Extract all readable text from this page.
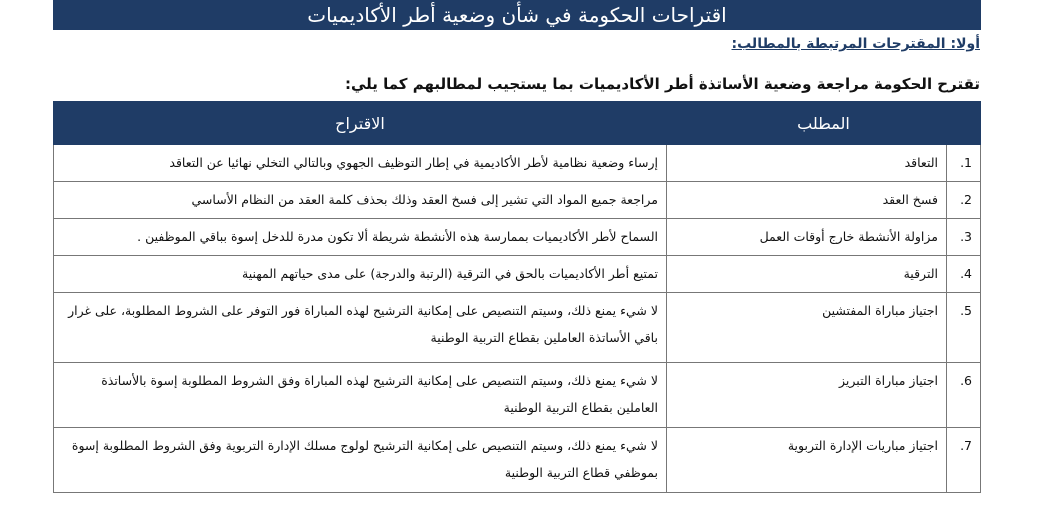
اقتراحات الحكومة في شأن وضعية أطر الأكاديميات
أولا: المقترحات المرتبطة بالمطالب:
تقترح الحكومة مراجعة وضعية الأساتذة أطر الأكاديميات بما يستجيب لمطالبهم كما يلي:
المطلب		الاقتراح
1.	التعاقد	إرساء وضعية نظامية لأطر الأكاديمية في إطار التوظيف الجهوي وبالتالي التخلي نهائيا عن التعاقد
2.	فسخ العقد	مراجعة جميع المواد التي تشير إلى فسخ العقد وذلك بحذف كلمة العقد من النظام الأساسي
3.	مزاولة الأنشطة خارج أوقات العمل	السماح لأطر الأكاديميات بممارسة هذه الأنشطة شريطة ألا تكون مدرة للدخل إسوة بباقي الموظفين .
4.	الترقية	تمتيع أطر الأكاديميات بالحق في الترقية (الرتبة والدرجة) على مدى حياتهم المهنية
5.	اجتياز مباراة المفتشين	لا شيء يمنع ذلك، وسيتم التنصيص على إمكانية الترشيح لهذه المباراة فور التوفر على الشروط المطلوبة، على غرار باقي الأساتذة العاملين بقطاع التربية الوطنية
6.	اجتياز مباراة التبريز	لا شيء يمنع ذلك، وسيتم التنصيص على إمكانية الترشيح لهذه المباراة وفق الشروط المطلوبة إسوة بالأساتذة العاملين بقطاع التربية الوطنية
7.	اجتياز مباريات الإدارة التربوية	لا شيء يمنع ذلك، وسيتم التنصيص على إمكانية الترشيح لولوج مسلك الإدارة التربوية وفق الشروط المطلوبة إسوة بموظفي قطاع التربية الوطنية
